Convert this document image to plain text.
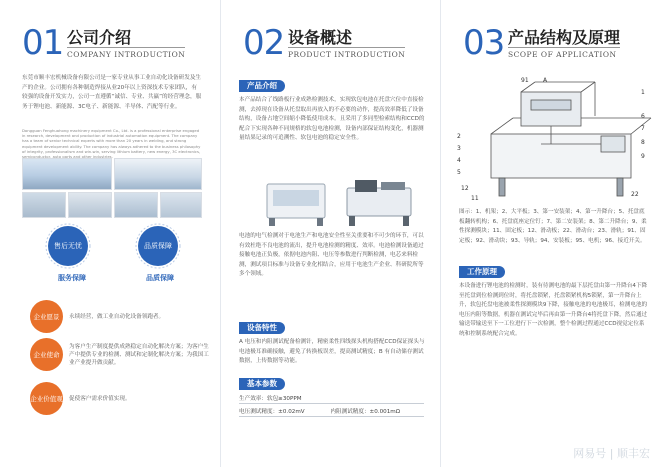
01 公司介绍
COMPANY INTRODUCTION
东莞市顺丰宏机械设备有限公司是一家专业从事工业自动化设备研发及生产的企业。公司拥有各种制造焊接从业20年以上资深技术专家团队，有较强的设备开发实力，公司一直遵循“诚信、专业、共赢”的经营理念，服务于锂电池、新能源、3C电子、新能源、半导体、汽配等行业。
Dongguan Fenghuahong machinery equipment Co., Ltd. is a professional enterprise engaged in research, development and production of industrial automation equipment. The company has a team of senior technical experts with more than 20 years in welding, and strong equipment development ability. The company has always adhered to the business philosophy of integrity, professionalism and win-win, serving lithium battery, new energy, 3C electronics, semiconductor, auto parts and other industries.
售后无忧	品质保障
服务保障	品质保障
企业愿景	永续经营，做工业自动化设备领跑者。
企业使命
为客户生产制度提供成熟稳定自动化解决方案；为客户生产中提供专业的检测、测试和定制化解决方案；为我国工业产业提升做贡献。
企业价值观 促使客户需求价值实现。
02 设备概述
PRODUCT INTRODUCTION
产品介绍
本产品结合了线路板行业成熟检测技术，实现软包电池在托盘穴位中直接检测，去掉现在设备从托盘取出再放入的不必要的动作，提高效率降低了设备结构，设备占地空间缩小降低使用成本。且采用了多同型检索结构和CCD的配合下实现各种不同规格的软包电池检测，设备内部保证结构变化，机器测量结果记录的可追溯性、软包电池的稳定安全性。
电池的电气检测对于电池生产和电池安全性至关重要和不可少的环节，可以有效杜绝不良电池的流出，提升电池检测的精度、效率。电池检测设备通过接触电池正负极，依据电池内阻、电压等参数进行判断检测，电芯来料检测，测试项目标准与设备专业化相结合，应用于电池生产企业、科研院所等多个领域。
设备特性
A 电压和内阻测试配备检测针，精密柔性四线探头机构搭配CCD保证探头与电池极耳准确接触，避免了转换板误差，提高测试精度；B 有自动储存测试数据，上传数据等功能。
基本参数
生产效率：软包≥30PPM
电压测试精度：±0.02mV	内阻测试精度：±0.001mΩ
03 产品结构及原理
SCOPE OF APPLICATION
91 A
1
6
7
8
9
2
3
4
5
12
11
22
图示：1、机架；2、大平板；3、第一安装架；4、第一升降台；5、托盘底板翻转机构；6、托盘底座定位钉；7、第二安装架；8、第二升降台；9、柔性探测模块；11、固定板；12、滑动板；22、滑动台；23、滑轨；91、固定板；92、滑动块；93、导轨；94、安装板；95、电机；96、接近开关。
工作原理
本设备进行锂电池的检测时，装有待测电池的最下层托盘由第一升降台4下降至托盘到位检测到位时，将托盘锁紧，托盘锁紧机构5锁紧，第一升降台上升，软包托盘电池被柔性探测模块9下降，接触电池的电池极耳，检测电池的电压内阻等数据，机器在测试完毕后再由第一升降台4将托盘下降，然后通过输送带输送至下一工位进行下一次检测，整个检测过程通过CCD视觉定位系统和控制系统配合完成。
网易号 | 顺丰宏
